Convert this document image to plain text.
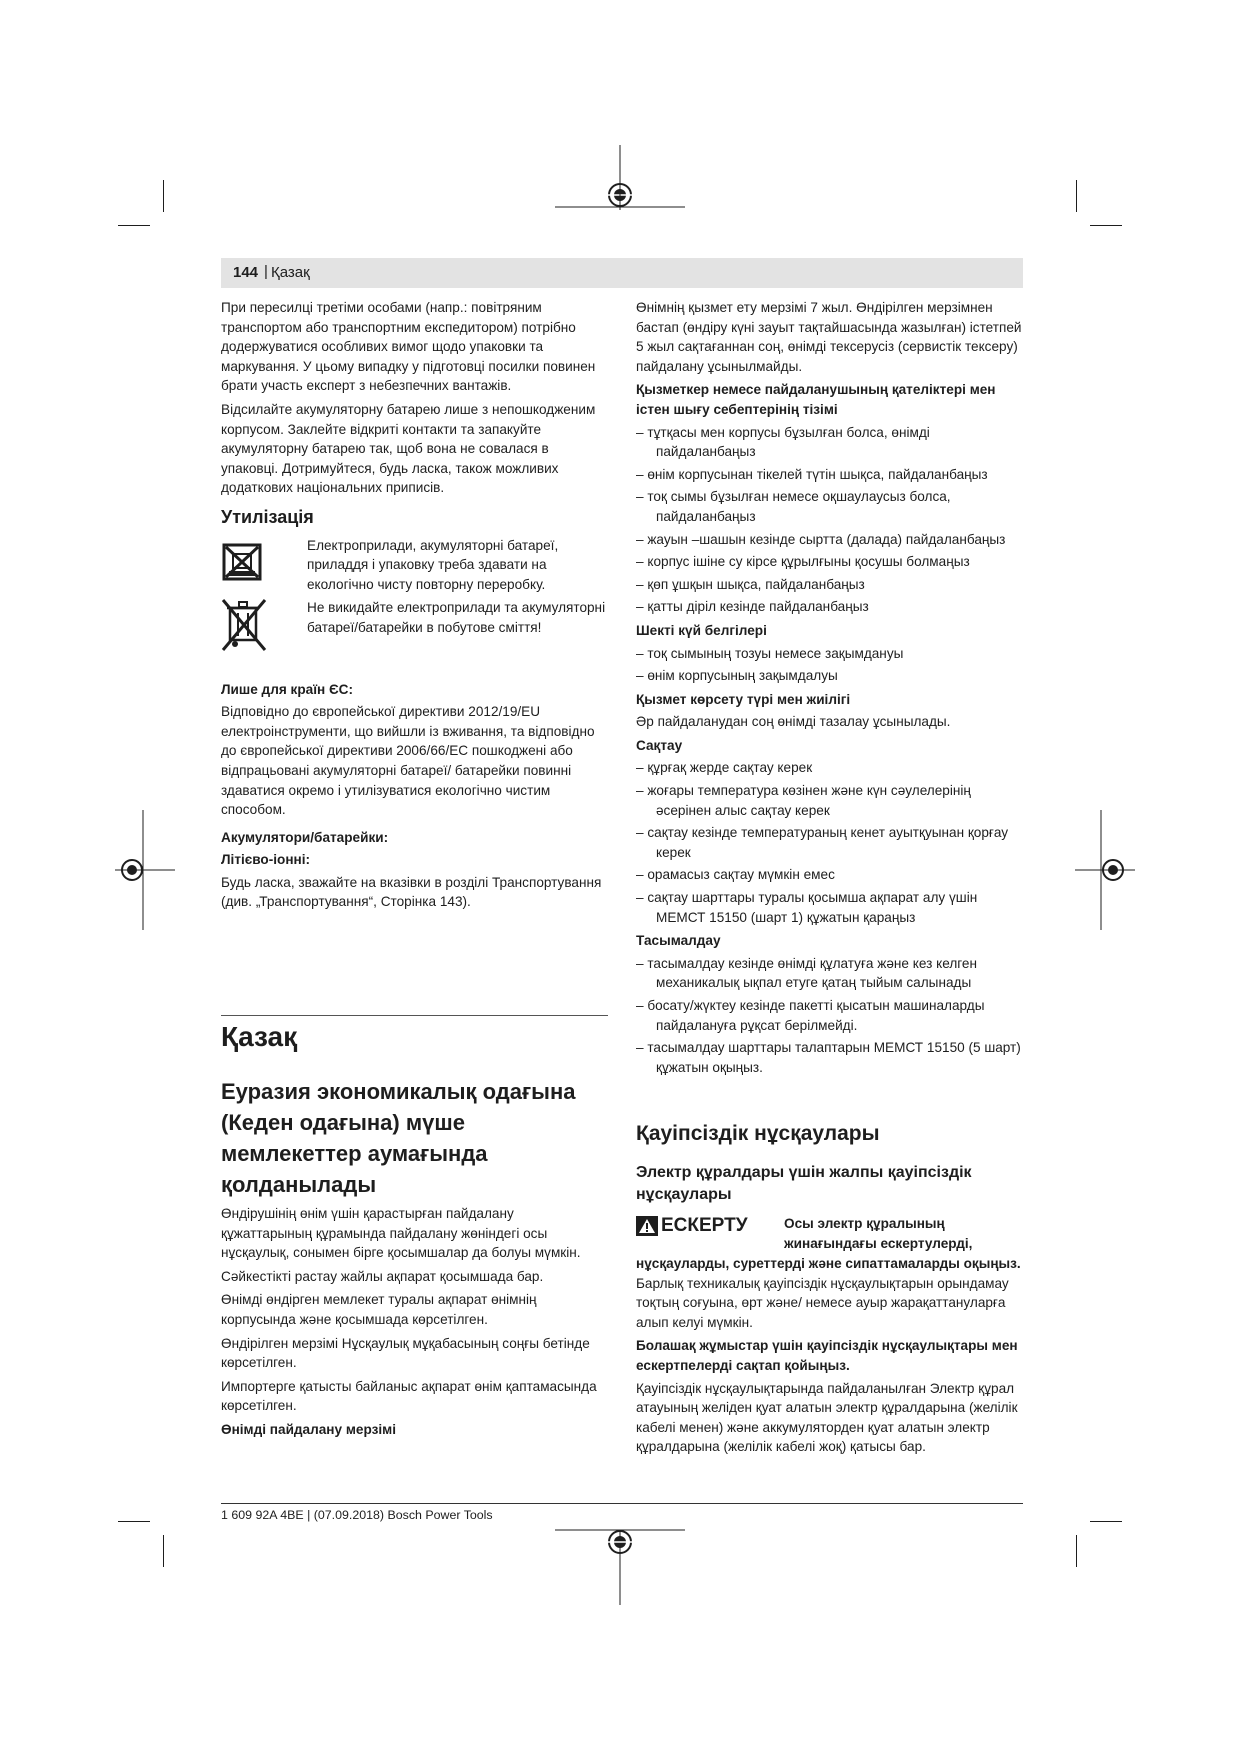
144 | Қазақ

При пересилці третіми особами (напр.: повітряним транспортом або транспортним експедитором) потрібно додержуватися особливих вимог щодо упаковки та маркування. У цьому випадку у підготовці посилки повинен брати участь експерт з небезпечних вантажів.

Відсилайте акумуляторну батарею лише з непошкодженим корпусом. Заклейте відкриті контакти та запакуйте акумуляторну батарею так, щоб вона не совалася в упаковці. Дотримуйтеся, будь ласка, також можливих додаткових національних приписів.

Утилізація

Електроприлади, акумуляторні батареї, приладдя і упаковку треба здавати на екологічно чисту повторну переробку.

Не викидайте електроприлади та акумуляторні батареї/батарейки в побутове сміття!

Лише для країн ЄС:

Відповідно до європейської директиви 2012/19/EU електроінструменти, що вийшли із вживання, та відповідно до європейської директиви 2006/66/EC пошкоджені або відпрацьовані акумуляторні батареї/ батарейки повинні здаватися окремо і утилізуватися екологічно чистим способом.

Акумулятори/батарейки:

Літієво-іонні:

Будь ласка, зважайте на вказівки в розділі Транспортування (див. „Транспортування“, Сторінка 143).

Қазақ
Еуразия экономикалық одағына (Кеден одағына) мүше мемлекеттер аумағында қолданылады

Өндірушінің өнім үшін қарастырған пайдалану құжаттарының құрамында пайдалану жөніндегі осы нұсқаулық, сонымен бірге қосымшалар да болуы мүмкін.

Сәйкестікті растау жайлы ақпарат қосымшада бар.

Өнімді өндірген мемлекет туралы ақпарат өнімнің корпусында және қосымшада көрсетілген.

Өндірілген мерзімі Нұсқаулық мұқабасының соңғы бетінде көрсетілген.

Импортерге қатысты байланыс ақпарат өнім қаптамасында көрсетілген.

Өнімді пайдалану мерзімі

Өнімнің қызмет ету мерзімі 7 жыл. Өндірілген мерзімнен бастап (өндіру күні зауыт тақтайшасында жазылған) істетпей 5 жыл сақтағаннан соң, өнімді тексерусіз (сервистік тексеру) пайдалану ұсынылмайды.

Қызметкер немесе пайдаланушының қателіктері мен істен шығу себептерінің тізімі

– тұтқасы мен корпусы бұзылған болса, өнімді пайдаланбаңыз
– өнім корпусынан тікелей түтін шықса, пайдаланбаңыз
– тоқ сымы бұзылған немесе оқшаулаусыз болса, пайдаланбаңыз
– жауын –шашын кезінде сыртта (далада) пайдаланбаңыз
– корпус ішіне су кірсе құрылғыны қосушы болмаңыз
– қөп ұшқын шықса, пайдаланбаңыз
– қатты діріл кезінде пайдаланбаңыз

Шекті күй белгілері

– тоқ сымының тозуы немесе зақымдануы
– өнім корпусының зақымдалуы

Қызмет көрсету түрі мен жиілігі

Әр пайдаланудан соң өнімді тазалау ұсынылады.

Сақтау

– құрғақ жерде сақтау керек
– жоғары температура көзінен және күн сәулелерінің әсерінен алыс сақтау керек
– сақтау кезінде температураның кенет ауытқуынан қорғау керек
– орамасыз сақтау мүмкін емес
– сақтау шарттары туралы қосымша ақпарат алу үшін МЕМСТ 15150 (шарт 1) құжатын қараңыз

Тасымалдау

– тасымалдау кезінде өнімді құлатуға және кез келген механикалық ықпал етуге қатаң тыйым салынады
– босату/жүктеу кезінде пакетті қысатын машиналарды пайдалануға рұқсат берілмейді.
– тасымалдау шарттары талаптарын МЕМСТ 15150 (5 шарт) құжатын оқыңыз.
Қауіпсіздік нұсқаулары
Электр құралдары үшін жалпы қауіпсіздік нұсқаулары
ЕСКЕРТУ	Осы электр құралының жинағындағы ескертулерді,

нұсқауларды, суреттерді және сипаттамаларды оқыңыз. Барлық техникалық қауіпсіздік нұсқаулықтарын орындамау тоқтың соғуына, өрт және/ немесе ауыр жарақаттануларға алып келуі мүмкін.

Болашақ жұмыстар үшін қауіпсіздік нұсқаулықтары мен ескертпелерді сақтап қойыңыз.

Қауіпсіздік нұсқаулықтарында пайдаланылған Электр құрал атауының желіден қуат алатын электр құралдарына (желілік кабелі менен) және аккумуляторден қуат алатын электр құралдарына (желілік кабелі жоқ) қатысы бар.

1 609 92A 4BE | (07.09.2018) Bosch Power Tools
